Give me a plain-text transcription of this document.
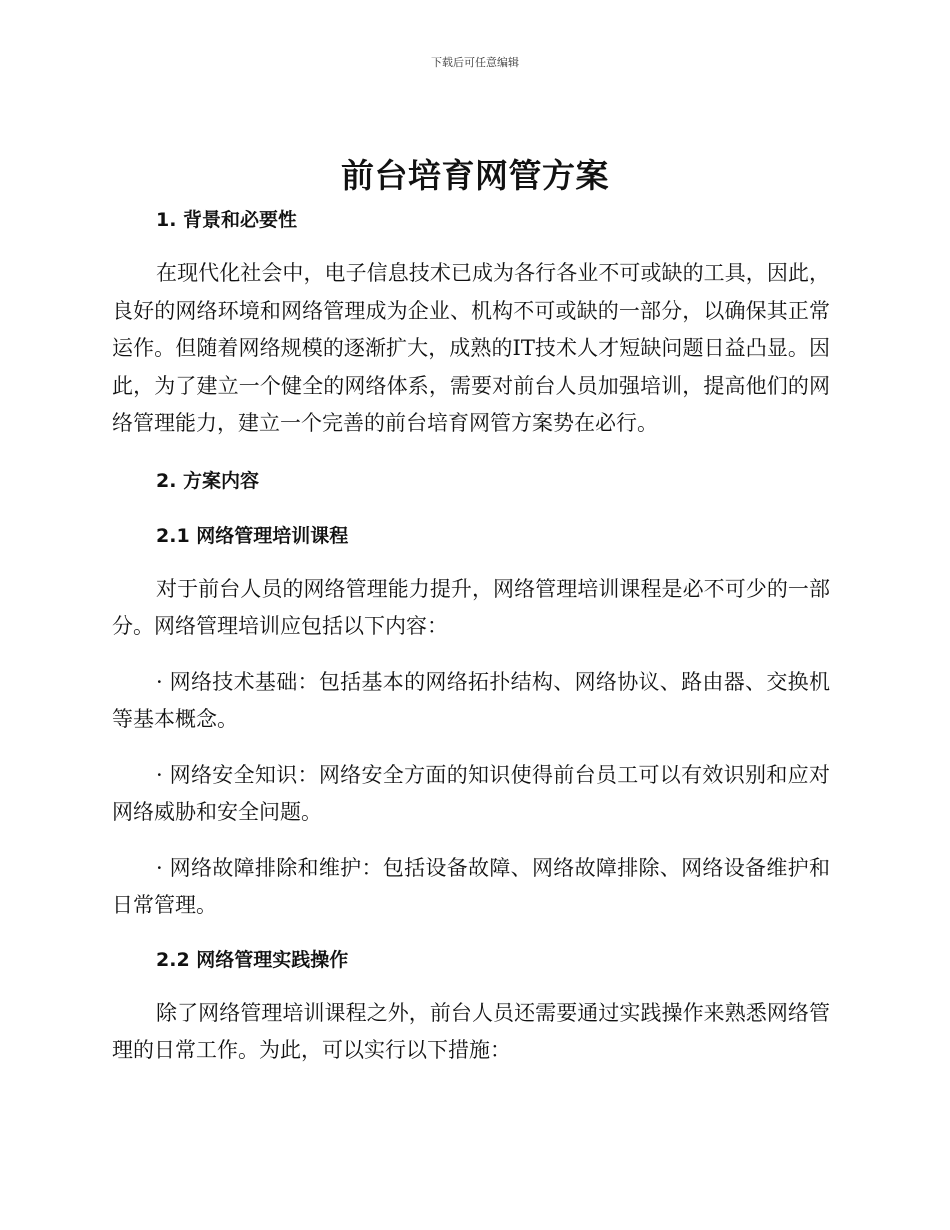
下载后可任意编辑
前台培育网管方案
1. 背景和必要性

在现代化社会中，电子信息技术已成为各行各业不可或缺的工具，因此，良好的网络环境和网络管理成为企业、机构不可或缺的一部分，以确保其正常运作。但随着网络规模的逐渐扩大，成熟的IT技术人才短缺问题日益凸显。因此，为了建立一个健全的网络体系，需要对前台人员加强培训，提高他们的网络管理能力，建立一个完善的前台培育网管方案势在必行。

2. 方案内容
2.1 网络管理培训课程

对于前台人员的网络管理能力提升，网络管理培训课程是必不可少的一部分。网络管理培训应包括以下内容：

· 网络技术基础：包括基本的网络拓扑结构、网络协议、路由器、交换机等基本概念。

· 网络安全知识：网络安全方面的知识使得前台员工可以有效识别和应对网络威胁和安全问题。

· 网络故障排除和维护：包括设备故障、网络故障排除、网络设备维护和日常管理。

2.2 网络管理实践操作

除了网络管理培训课程之外，前台人员还需要通过实践操作来熟悉网络管理的日常工作。为此，可以实行以下措施：
